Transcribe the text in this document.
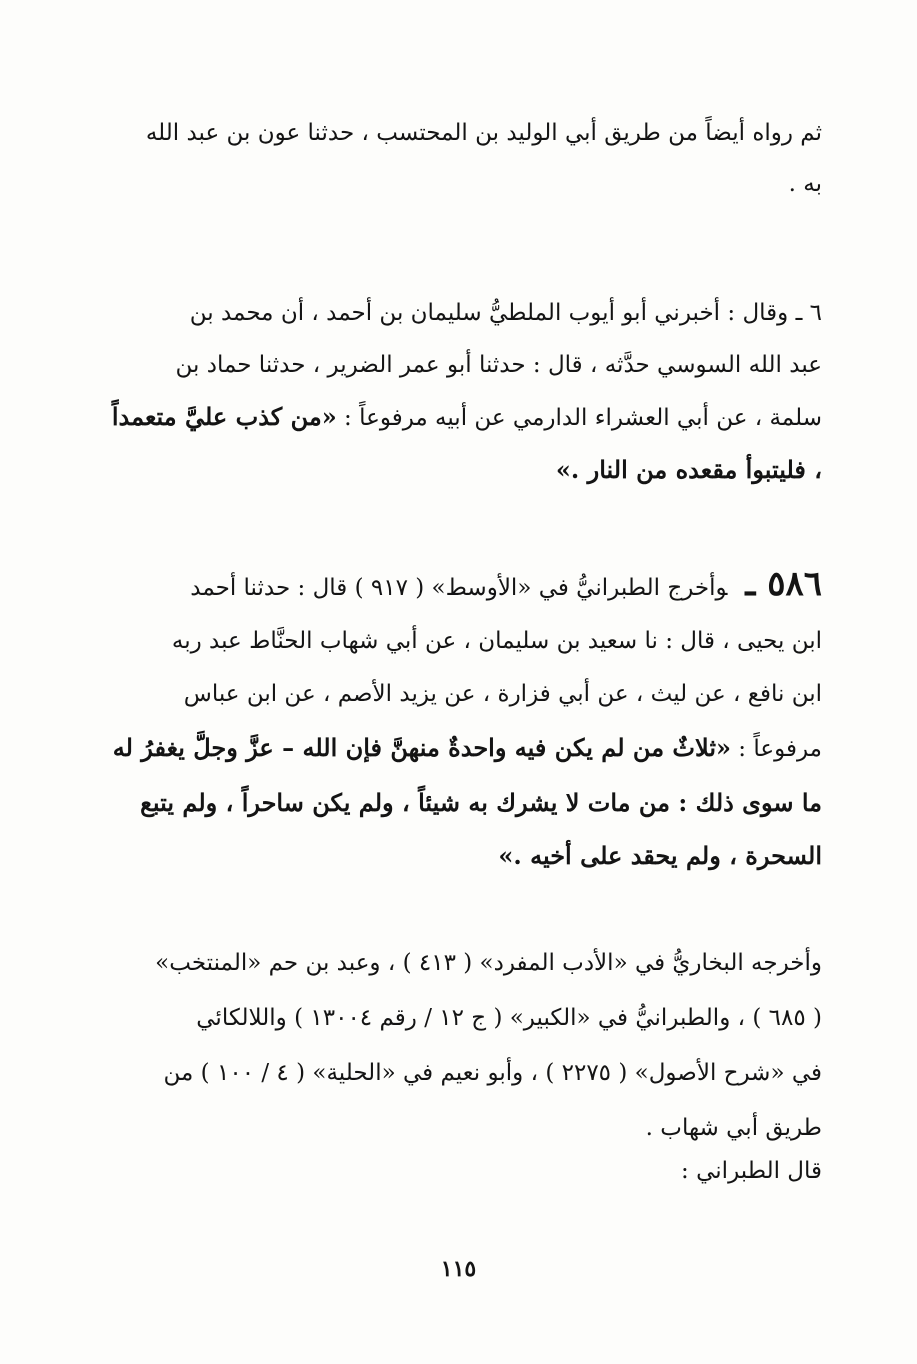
ثم رواه أيضاً من طريق أبي الوليد بن المحتسب ، حدثنا عون بن عبد الله
به .

٦ ـ وقال : أخبرني أبو أيوب الملطيُّ سليمان بن أحمد ، أن محمد بن
عبد الله السوسي حدَّثه ، قال : حدثنا أبو عمر الضرير ، حدثنا حماد بن
سلمة ، عن أبي العشراء الدارمي عن أبيه مرفوعاً : «من كذب عليَّ متعمداً
، فليتبوأ مقعده من النار .»

٥٨٦ ـوأخرج الطبرانيُّ في «الأوسط» ( ٩١٧ ) قال : حدثنا أحمد
ابن يحيى ، قال : نا سعيد بن سليمان ، عن أبي شهاب الحنَّاط عبد ربه
ابن نافع ، عن ليث ، عن أبي فزارة ، عن يزيد الأصم ، عن ابن عباس
مرفوعاً : «ثلاثٌ من لم يكن فيه واحدةٌ منهنَّ فإن الله – عزَّ وجلَّ يغفرُ له
ما سوى ذلك : من مات لا يشرك به شيئاً ، ولم يكن ساحراً ، ولم يتبع
السحرة ، ولم يحقد على أخيه .»

وأخرجه البخاريُّ في «الأدب المفرد» ( ٤١٣ ) ، وعبد بن حم «المنتخب»
( ٦٨٥ ) ، والطبرانيُّ في «الكبير» ( ج ١٢ / رقم ١٣٠٠٤ ) واللالكائي
في «شرح الأصول» ( ٢٢٧٥ ) ، وأبو نعيم في «الحلية» ( ٤ / ١٠٠ ) من
طريق أبي شهاب .

قال الطبراني :

١١٥
